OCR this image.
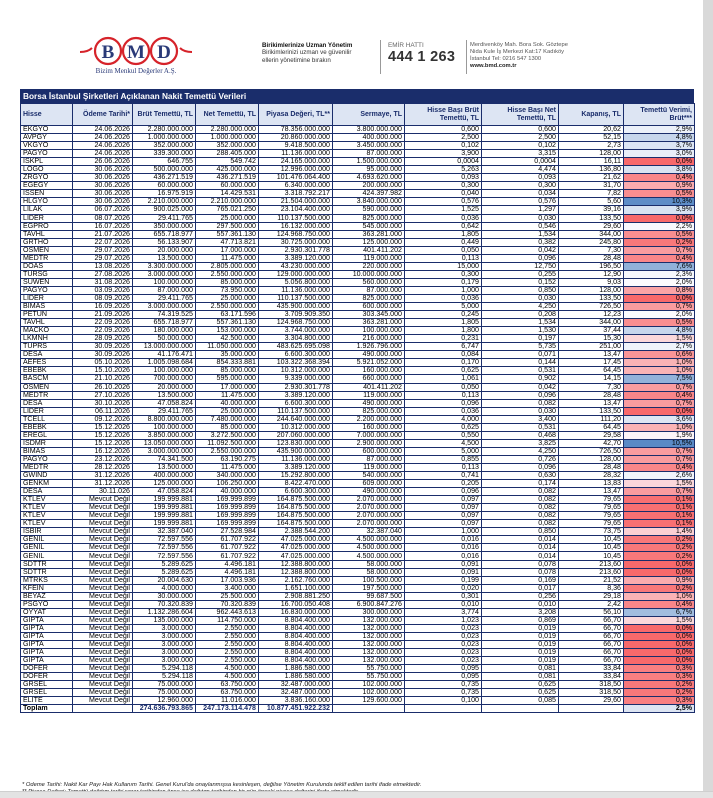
B M D
Bizim Menkul Değerler A.Ş.
Birikimlerinize Uzman Yönetim
Birikimlerinizi uzman ve güvenilir
ellerin yönetimine bırakın
EMİR HATTI
444 1 263
Merdivenköy Mah. Bora Sok. Göztepe
Nida Kule İş Merkezi Kat:17 Kadıköy
İstanbul Tel: 0216 547 1300
www.bmd.com.tr
Borsa İstanbul Şirketleri Açıklanan Nakit Temettü Verileri
Hisse	Ödeme Tarihi*	Brüt Temettü, TL	Net Temettü, TL	Piyasa Değeri, TL**	Sermaye, TL	Hisse Başı Brüt Temettü, TL	Hisse Başı Net Temettü, TL	Kapanış, TL	Temettü Verimi, Brüt***
EKGYO	24.06.2026	2.280.000.000	2.280.000.000	78.356.000.000	3.800.000.000	0,600	0,600	20,62	2,9%
AVPGY	24.06.2026	1.000.000.000	1.000.000.000	20.860.000.000	400.000.000	2,500	2,500	52,15	4,8%
VKGYO	24.06.2026	352.000.000	352.000.000	9.418.500.000	3.450.000.000	0,102	0,102	2,73	3,7%
PAGYO	24.06.2026	339.300.000	288.405.000	11.136.000.000	87.000.000	3,900	3,315	128,00	3,0%
ISKPL	26.06.2026	646.755	549.742	24.165.000.000	1.500.000.000	0,0004	0,0004	16,11	0,0%
LOGO	30.06.2026	500.000.000	425.000.000	12.996.000.000	95.000.000	5,263	4,474	136,80	3,8%
ZRGYO	30.06.2026	436.271.519	436.271.519	101.476.064.400	4.693.620.000	0,093	0,093	21,62	0,4%
EGEGY	30.06.2026	60.000.000	60.000.000	6.340.000.000	200.000.000	0,300	0,300	31,70	0,9%
ISSEN	30.06.2026	16.975.919	14.429.531	3.318.792.217	424.397.982	0,040	0,034	7,82	0,5%
HLGYO	30.06.2026	2.210.000.000	2.210.000.000	21.504.000.000	3.840.000.000	0,576	0,576	5,60	10,3%
LILAK	06.07.2026	900.025.000	765.021.250	23.104.400.000	590.000.000	1,525	1,297	39,16	3,9%
LIDER	08.07.2026	29.411.765	25.000.000	110.137.500.000	825.000.000	0,036	0,030	133,50	0,0%
EGPRO	16.07.2026	350.000.000	297.500.000	16.132.000.000	545.000.000	0,642	0,546	29,60	2,2%
TAVHL	21.07.2026	655.718.977	557.361.130	124.968.750.000	363.281.000	1,805	1,534	344,00	0,5%
GRTHO	22.07.2026	56.133.907	47.713.821	30.725.000.000	125.000.000	0,449	0,382	245,80	0,2%
OSMEN	29.07.2026	20.000.000	17.000.000	2.930.301.778	401.411.202	0,050	0,042	7,30	0,7%
MEDTR	29.07.2026	13.500.000	11.475.000	3.389.120.000	119.000.000	0,113	0,096	28,48	0,4%
DOAS	13.08.2026	3.300.000.000	2.805.000.000	43.230.000.000	220.000.000	15,000	12,750	196,50	7,6%
TURSG	27.08.2026	3.000.000.000	2.550.000.000	129.000.000.000	10.000.000.000	0,300	0,255	12,90	2,3%
SUWEN	31.08.2026	100.000.000	85.000.000	5.056.800.000	560.000.000	0,179	0,152	9,03	2,0%
PAGYO	03.09.2026	87.000.000	73.950.000	11.136.000.000	87.000.000	1,000	0,850	128,00	0,8%
LIDER	08.09.2026	29.411.765	25.000.000	110.137.500.000	825.000.000	0,036	0,030	133,50	0,0%
BIMAS	16.09.2026	3.000.000.000	2.550.000.000	435.900.000.000	600.000.000	5,000	4,250	726,50	0,7%
PETUN	21.09.2026	74.319.525	63.171.596	3.709.909.350	303.345.000	0,245	0,208	12,23	2,0%
TAVHL	22.09.2026	655.718.977	557.361.130	124.968.750.000	363.281.000	1,805	1,534	344,00	0,5%
MACKO	22.09.2026	180.000.000	153.000.000	3.744.000.000	100.000.000	1,800	1,530	37,44	4,8%
LKMNH	28.09.2026	50.000.000	42.500.000	3.304.800.000	216.000.000	0,231	0,197	15,30	1,5%
TUPRS	30.09.2026	13.000.000.000	11.050.000.000	483.625.695.098	1.926.796.000	6,747	5,735	251,00	2,7%
DESA	30.09.2026	41.176.471	35.000.000	6.600.300.000	490.000.000	0,084	0,071	13,47	0,6%
AEFES	05.10.2026	1.005.098.684	854.333.881	103.322.368.394	5.921.052.000	0,170	0,144	17,45	1,0%
EBEBK	15.10.2026	100.000.000	85.000.000	10.312.000.000	160.000.000	0,625	0,531	64,45	1,0%
BASCM	21.10.2026	700.000.000	595.000.000	9.339.000.000	660.000.000	1,061	0,902	14,15	7,5%
OSMEN	26.10.2026	20.000.000	17.000.000	2.930.301.778	401.411.202	0,050	0,042	7,30	0,7%
MEDTR	27.10.2026	13.500.000	11.475.000	3.389.120.000	119.000.000	0,113	0,096	28,48	0,4%
DESA	30.10.2026	47.058.824	40.000.000	6.600.300.000	490.000.000	0,096	0,082	13,47	0,7%
LIDER	06.11.2026	29.411.765	25.000.000	110.137.500.000	825.000.000	0,036	0,030	133,50	0,0%
TCELL	09.12.2026	8.800.000.000	7.480.000.000	244.640.000.000	2.200.000.000	4,000	3,400	111,20	3,6%
EBEBK	15.12.2026	100.000.000	85.000.000	10.312.000.000	160.000.000	0,625	0,531	64,45	1,0%
EREGL	15.12.2026	3.850.000.000	3.272.500.000	207.060.000.000	7.000.000.000	0,550	0,468	29,58	1,9%
ISDMR	15.12.2026	13.050.000.000	11.092.500.000	123.830.000.000	2.900.000.000	4,500	3,825	42,70	10,5%
BIMAS	16.12.2026	3.000.000.000	2.550.000.000	435.900.000.000	600.000.000	5,000	4,250	726,50	0,7%
PAGYO	23.12.2026	74.341.500	63.190.275	11.136.000.000	87.000.000	0,855	0,726	128,00	0,7%
MEDTR	28.12.2026	13.500.000	11.475.000	3.389.120.000	119.000.000	0,113	0,096	28,48	0,4%
GWIND	31.12.2026	400.000.000	340.000.000	15.292.800.000	540.000.000	0,741	0,630	28,32	2,6%
GENKM	31.12.2026	125.000.000	106.250.000	8.422.470.000	609.000.000	0,205	0,174	13,83	1,5%
DESA	30.11.026	47.058.824	40.000.000	6.600.300.000	490.000.000	0,096	0,082	13,47	0,7%
KTLEV	Mevcut Değil	199.999.881	169.999.899	164.875.500.000	2.070.000.000	0,097	0,082	79,65	0,1%
KTLEV	Mevcut Değil	199.999.881	169.999.899	164.875.500.000	2.070.000.000	0,097	0,082	79,65	0,1%
KTLEV	Mevcut Değil	199.999.881	169.999.899	164.875.500.000	2.070.000.000	0,097	0,082	79,65	0,1%
KTLEV	Mevcut Değil	199.999.881	169.999.899	164.875.500.000	2.070.000.000	0,097	0,082	79,65	0,1%
ISBIR	Mevcut Değil	32.387.040	27.528.984	2.388.544.200	32.387.040	1,000	0,850	73,75	1,4%
GENIL	Mevcut Değil	72.597.556	61.707.922	47.025.000.000	4.500.000.000	0,016	0,014	10,45	0,2%
GENIL	Mevcut Değil	72.597.556	61.707.922	47.025.000.000	4.500.000.000	0,016	0,014	10,45	0,2%
GENIL	Mevcut Değil	72.597.556	61.707.922	47.025.000.000	4.500.000.000	0,016	0,014	10,45	0,2%
SDTTR	Mevcut Değil	5.289.625	4.496.181	12.388.800.000	58.000.000	0,091	0,078	213,60	0,0%
SDTTR	Mevcut Değil	5.289.625	4.496.181	12.388.800.000	58.000.000	0,091	0,078	213,60	0,0%
MTRKS	Mevcut Değil	20.004.630	17.003.936	2.162.760.000	100.500.000	0,199	0,169	21,52	0,9%
KFEIN	Mevcut Değil	4.000.000	3.400.000	1.651.100.000	197.500.000	0,020	0,017	8,36	0,2%
BEYAZ	Mevcut Değil	30.000.000	25.500.000	2.908.881.250	99.687.500	0,301	0,256	29,18	1,0%
PSGYO	Mevcut Değil	70.320.839	70.320.839	16.700.050.408	6.900.847.276	0,010	0,010	2,42	0,4%
OYYAT	Mevcut Değil	1.132.286.604	962.443.613	16.830.000.000	300.000.000	3,774	3,208	56,10	6,7%
GIPTA	Mevcut Değil	135.000.000	114.750.000	8.804.400.000	132.000.000	1,023	0,869	66,70	1,5%
GIPTA	Mevcut Değil	3.000.000	2.550.000	8.804.400.000	132.000.000	0,023	0,019	66,70	0,0%
GIPTA	Mevcut Değil	3.000.000	2.550.000	8.804.400.000	132.000.000	0,023	0,019	66,70	0,0%
GIPTA	Mevcut Değil	3.000.000	2.550.000	8.804.400.000	132.000.000	0,023	0,019	66,70	0,0%
GIPTA	Mevcut Değil	3.000.000	2.550.000	8.804.400.000	132.000.000	0,023	0,019	66,70	0,0%
GIPTA	Mevcut Değil	3.000.000	2.550.000	8.804.400.000	132.000.000	0,023	0,019	66,70	0,0%
DOFER	Mevcut Değil	5.294.118	4.500.000	1.886.580.000	55.750.000	0,095	0,081	33,84	0,3%
DOFER	Mevcut Değil	5.294.118	4.500.000	1.886.580.000	55.750.000	0,095	0,081	33,84	0,3%
GRSEL	Mevcut Değil	75.000.000	63.750.000	32.487.000.000	102.000.000	0,735	0,625	318,50	0,2%
GRSEL	Mevcut Değil	75.000.000	63.750.000	32.487.000.000	102.000.000	0,735	0,625	318,50	0,2%
ELITE	Mevcut Değil	12.960.000	11.016.000	3.836.160.000	129.600.000	0,100	0,085	29,60	0,3%
Toplam		274.636.793.865	247.173.114.478	10.877.451.922.232					2,5%
* Ödeme Tarihi: Nakit Kar Payı Hak Kullanım Tarihi. Genel Kurul'da onaylanmışsa kesinleşen, değilse Yönetim Kurulunda teklif edilen tarihi ifade etmektedir.
